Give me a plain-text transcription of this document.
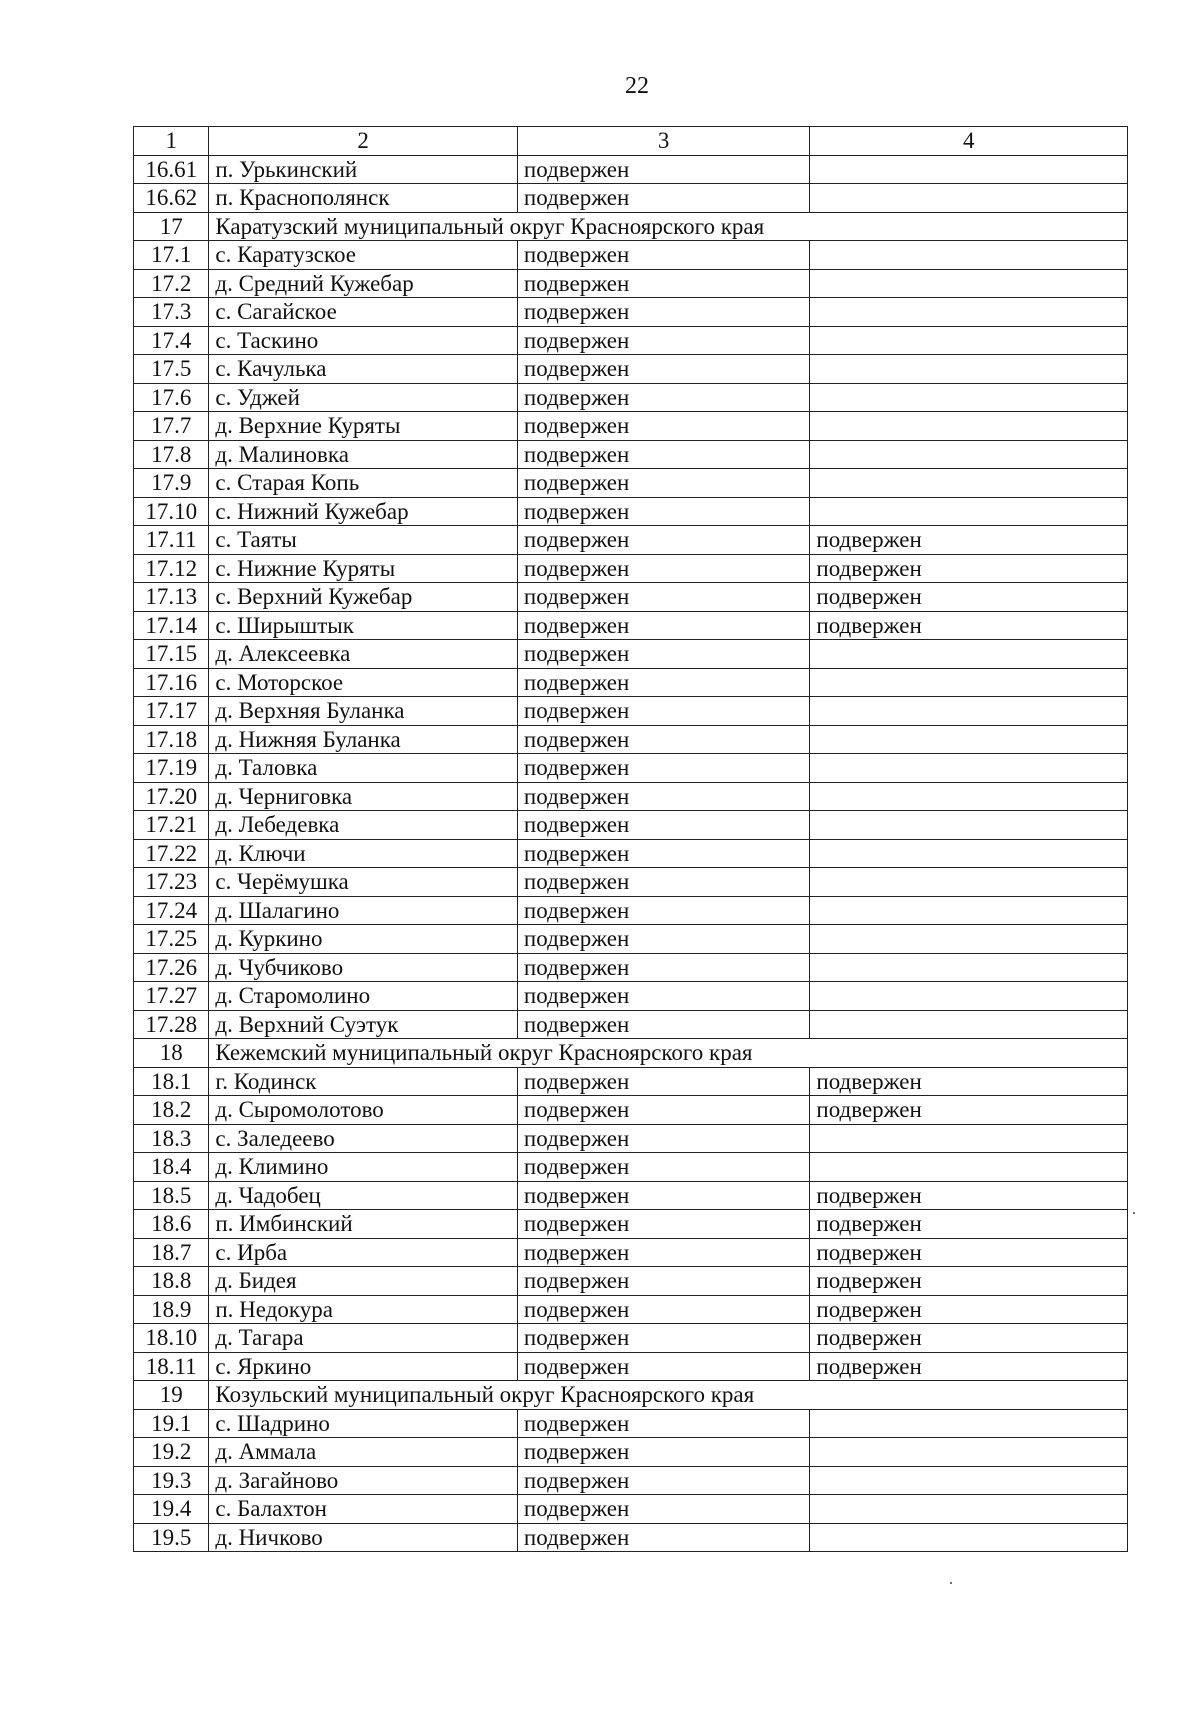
22
1	2	3	4
16.61	п. Урькинский	подвержен	
16.62	п. Краснополянск	подвержен	
17	Каратузский муниципальный округ Красноярского края		
17.1	с. Каратузское	подвержен	
17.2	д. Средний Кужебар	подвержен	
17.3	с. Сагайское	подвержен	
17.4	с. Таскино	подвержен	
17.5	с. Качулька	подвержен	
17.6	с. Уджей	подвержен	
17.7	д. Верхние Куряты	подвержен	
17.8	д. Малиновка	подвержен	
17.9	с. Старая Копь	подвержен	
17.10	с. Нижний Кужебар	подвержен	
17.11	с. Таяты	подвержен	подвержен
17.12	с. Нижние Куряты	подвержен	подвержен
17.13	с. Верхний Кужебар	подвержен	подвержен
17.14	с. Ширыштык	подвержен	подвержен
17.15	д. Алексеевка	подвержен	
17.16	с. Моторское	подвержен	
17.17	д. Верхняя Буланка	подвержен	
17.18	д. Нижняя Буланка	подвержен	
17.19	д. Таловка	подвержен	
17.20	д. Черниговка	подвержен	
17.21	д. Лебедевка	подвержен	
17.22	д. Ключи	подвержен	
17.23	с. Черёмушка	подвержен	
17.24	д. Шалагино	подвержен	
17.25	д. Куркино	подвержен	
17.26	д. Чубчиково	подвержен	
17.27	д. Старомолино	подвержен	
17.28	д. Верхний Суэтук	подвержен	
18	Кежемский муниципальный округ Красноярского края		
18.1	г. Кодинск	подвержен	подвержен
18.2	д. Сыромолотово	подвержен	подвержен
18.3	с. Заледеево	подвержен	
18.4	д. Климино	подвержен	
18.5	д. Чадобец	подвержен	подвержен
18.6	п. Имбинский	подвержен	подвержен
18.7	с. Ирба	подвержен	подвержен
18.8	д. Бидея	подвержен	подвержен
18.9	п. Недокура	подвержен	подвержен
18.10	д. Тагара	подвержен	подвержен
18.11	с. Яркино	подвержен	подвержен
19	Козульский муниципальный округ Красноярского края		
19.1	с. Шадрино	подвержен	
19.2	д. Аммала	подвержен	
19.3	д. Загайново	подвержен	
19.4	с. Балахтон	подвержен	
19.5	д. Ничково	подвержен	
